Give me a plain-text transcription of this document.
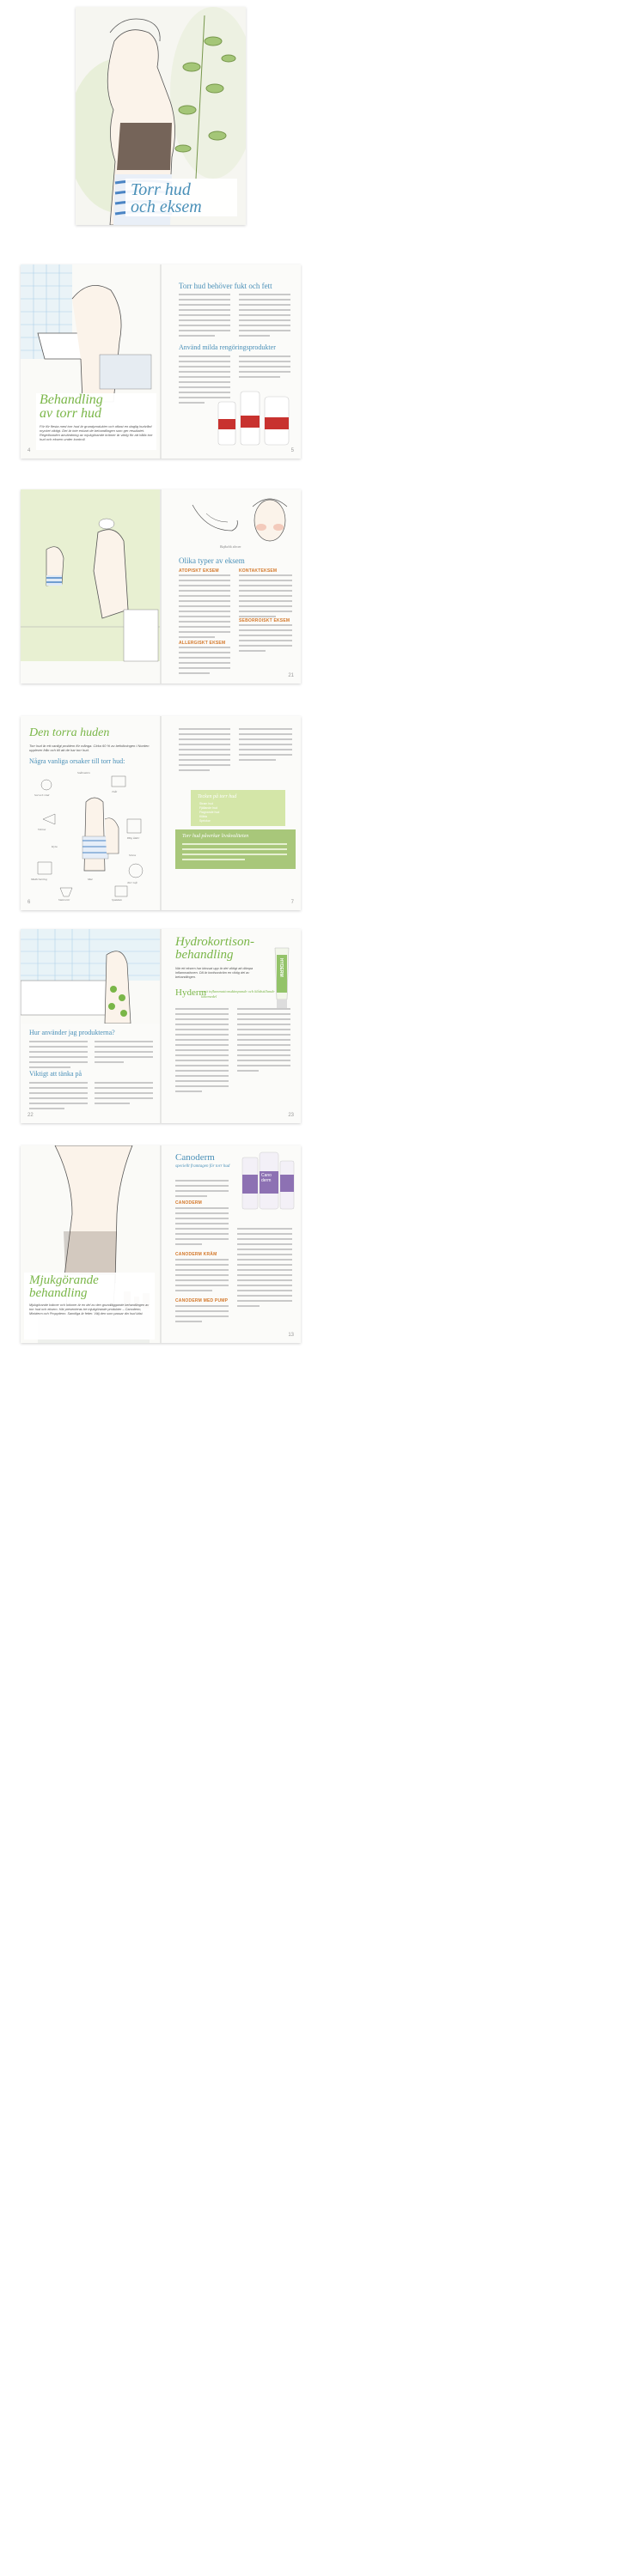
Torr hud
och eksem
Behandling
av torr hud
För för flesta med torr hud är grundprodukter och oftast en daglig hudvård mycket viktigt. Det är inte enbart de behandlingen som ger resultatet. Regelbunden användning av mjukgörande krämer är viktig för att hålla torr hud och eksem under kontroll.
Torr hud behöver fukt och fett
Använd milda rengöringsprodukter
4	5
Bajkalsk skrom
Olika typer av eksem
ATOPISKT EKSEM
ALLERGISKT EKSEM
KONTAKTEKSEM
SEBORROISKT EKSEM
21
Den torra huden
Torr hud är ett vanligt problem för många. Cirka 60 % av befolkningen i Norden upplever från och till att de har torr hud.
Några vanliga orsaker till torr hud:
Sol och vind
Snålvatten
Tvål
Värme
Hög ålder
Kyla
Stress
Medicinering	Mat
Torr luft
Vattenrör	Sjukdom
Tecken på torr hud
Stram hud
Fjällande hud
Flagnande hud
Klåda
Sprickor
Torr hud påverkar livskvaliteten
6	7
Hur använder jag produkterna?
Viktigt att tänka på
Hydrokortison-
behandling
När ett eksem har blossat upp är det viktigt att dämpa inflammationen. Då är kortisonkräm en viktig del av behandlingen.
HYDERM
Hyderm
– ett inflammationsdämpande och klådstillande läkemedel
22	23
Mjukgörande
behandling
Mjukgörande krämer och lotioner är en del av den grundläggande behandlingen av torr hud och eksem. Här presenteras tre mjukgörande produkter – Canoderm, Miniderm och Propyderm. Samtliga är fetter. Välj den som passar din hud bäst.
Canoderm
speciellt framtagen för torr hud
Cano
derm
CANODERM
CANODERM KRÄM
CANODERM MED PUMP
13
